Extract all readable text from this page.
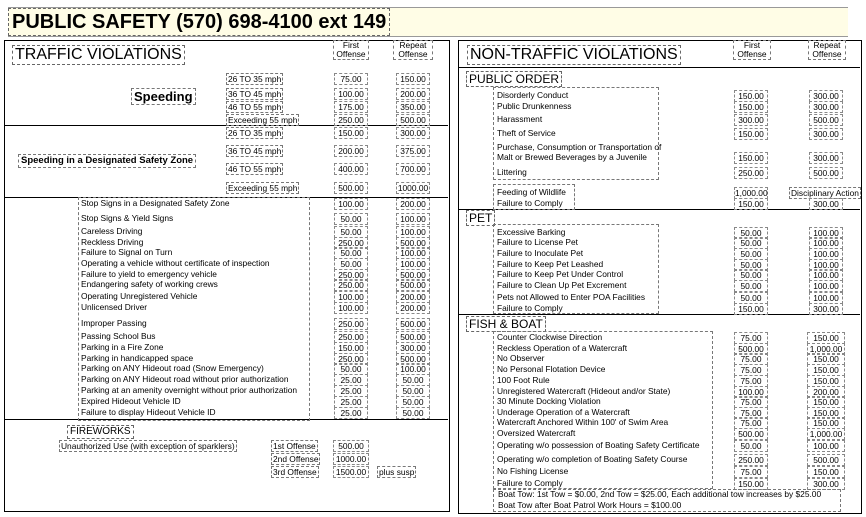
PUBLIC SAFETY (570) 698-4100 ext 149
TRAFFIC VIOLATIONS
First Offense
Repeat Offense
Speeding
Speeding in a Designated Safety Zone
26 TO 35 mph	75.00	150.00
36 TO 45 mph	100.00	200.00
46 TO 55 mph	175.00	350.00
Exceeding 55 mph	250.00	500.00
26 TO 35 mph	150.00	300.00
36 TO 45 mph	200.00	375.00
46 TO 55 mph	400.00	700.00
Exceeding 55 mph	500.00	1000.00
Stop Signs in a Designated Safety Zone	100.00	200.00
Stop Signs & Yield Signs	50.00	100.00
Careless Driving	50.00	100.00
Reckless Driving	250.00	500.00
Failure to Signal on Turn	50.00	100.00
Operating a vehicle without certificate of inspection	50.00	100.00
Failure to yield to emergency vehicle	250.00	500.00
Endangering safety of working crews	250.00	500.00
Operating Unregistered Vehicle	100.00	200.00
Unlicensed Driver	100.00	200.00
Improper Passing	250.00	500.00
Passing School Bus	250.00	500.00
Parking in a Fire Zone	150.00	300.00
Parking in handicapped space	250.00	500.00
Parking on ANY Hideout road (Snow Emergency)	50.00	100.00
Parking on ANY Hideout road without prior authorization	25.00	50.00
Parking at an amenity overnight without prior authorization	25.00	50.00
Expired Hideout Vehicle ID	25.00	50.00
Failure to display Hideout Vehicle ID	25.00	50.00
FIREWORKS
Unauthorized Use (with exception of sparklers)	1st Offense	500.00
2nd Offense	1000.00
3rd Offense	1500.00	plus susp
NON-TRAFFIC VIOLATIONS
First Offense
Repeat Offense
PUBLIC ORDER
Disorderly Conduct	150.00	300.00
Public Drunkenness	150.00	300.00
Harassment	300.00	500.00
Theft of Service	150.00	300.00
Purchase, Consumption or Transportation of
Malt or Brewed Beverages by a Juvenile	150.00	300.00
Littering	250.00	500.00
Feeding of Wildlife	1,000.00	Disciplinary Action
Failure to Comply	150.00	300.00
PET
Excessive Barking	50.00	100.00
Failure to License Pet	50.00	100.00
Failure to Inoculate Pet	50.00	100.00
Failure to Keep Pet Leashed	50.00	100.00
Failure to Keep Pet Under Control	50.00	100.00
Failure to Clean Up Pet Excrement	50.00	100.00
Pets not Allowed to Enter POA Facilities	50.00	100.00
Failure to Comply	150.00	300.00
FISH & BOAT
Counter Clockwise Direction	75.00	150.00
Reckless Operation of a Watercraft	500.00	1,000.00
No Observer	75.00	150.00
No Personal Flotation Device	75.00	150.00
100 Foot Rule	75.00	150.00
Unregistered Watercraft (Hideout and/or State)	100.00	200.00
30 Minute Docking Violation	75.00	150.00
Underage Operation of a Watercraft	75.00	150.00
Watercraft Anchored Within 100' of Swim Area	75.00	150.00
Oversized Watercraft	500.00	1,000.00
Operating w/o possession of Boating Safety Certificate	50.00	100.00
Operating w/o completion of Boating Safety Course	250.00	500.00
No Fishing License	75.00	150.00
Failure to Comply	150.00	300.00
Boat Tow: 1st Tow = $0.00, 2nd Tow = $25.00, Each additional tow increases by $25.00
Boat Tow after Boat Patrol Work Hours = $100.00
